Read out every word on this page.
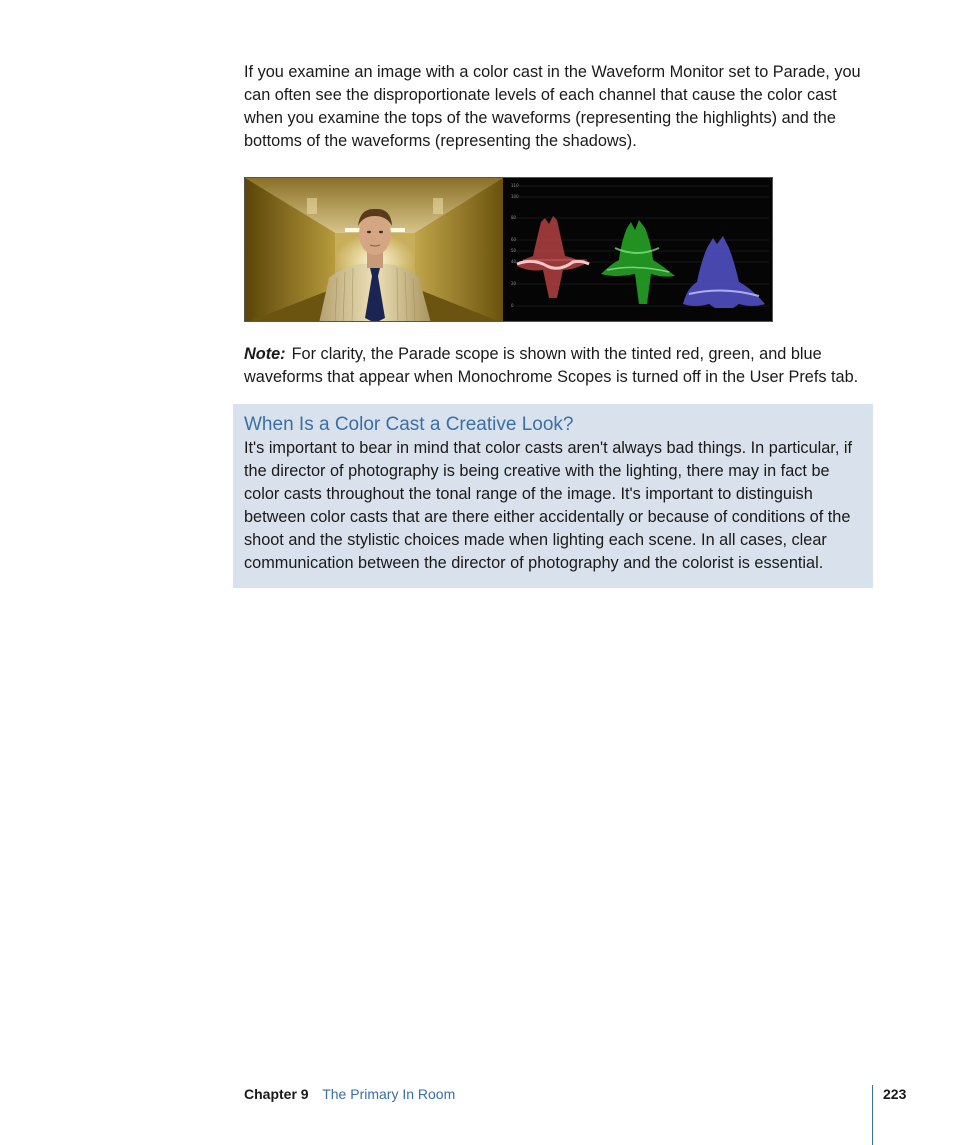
If you examine an image with a color cast in the Waveform Monitor set to Parade, you can often see the disproportionate levels of each channel that cause the color cast when you examine the tops of the waveforms (representing the highlights) and the bottoms of the waveforms (representing the shadows).

110
100
80
60
50
40
20
0

Note: For clarity, the Parade scope is shown with the tinted red, green, and blue waveforms that appear when Monochrome Scopes is turned off in the User Prefs tab.

When Is a Color Cast a Creative Look?

It's important to bear in mind that color casts aren't always bad things. In particular, if the director of photography is being creative with the lighting, there may in fact be color casts throughout the tonal range of the image. It's important to distinguish between color casts that are there either accidentally or because of conditions of the shoot and the stylistic choices made when lighting each scene. In all cases, clear communication between the director of photography and the colorist is essential.

Chapter 9 The Primary In Room	223
